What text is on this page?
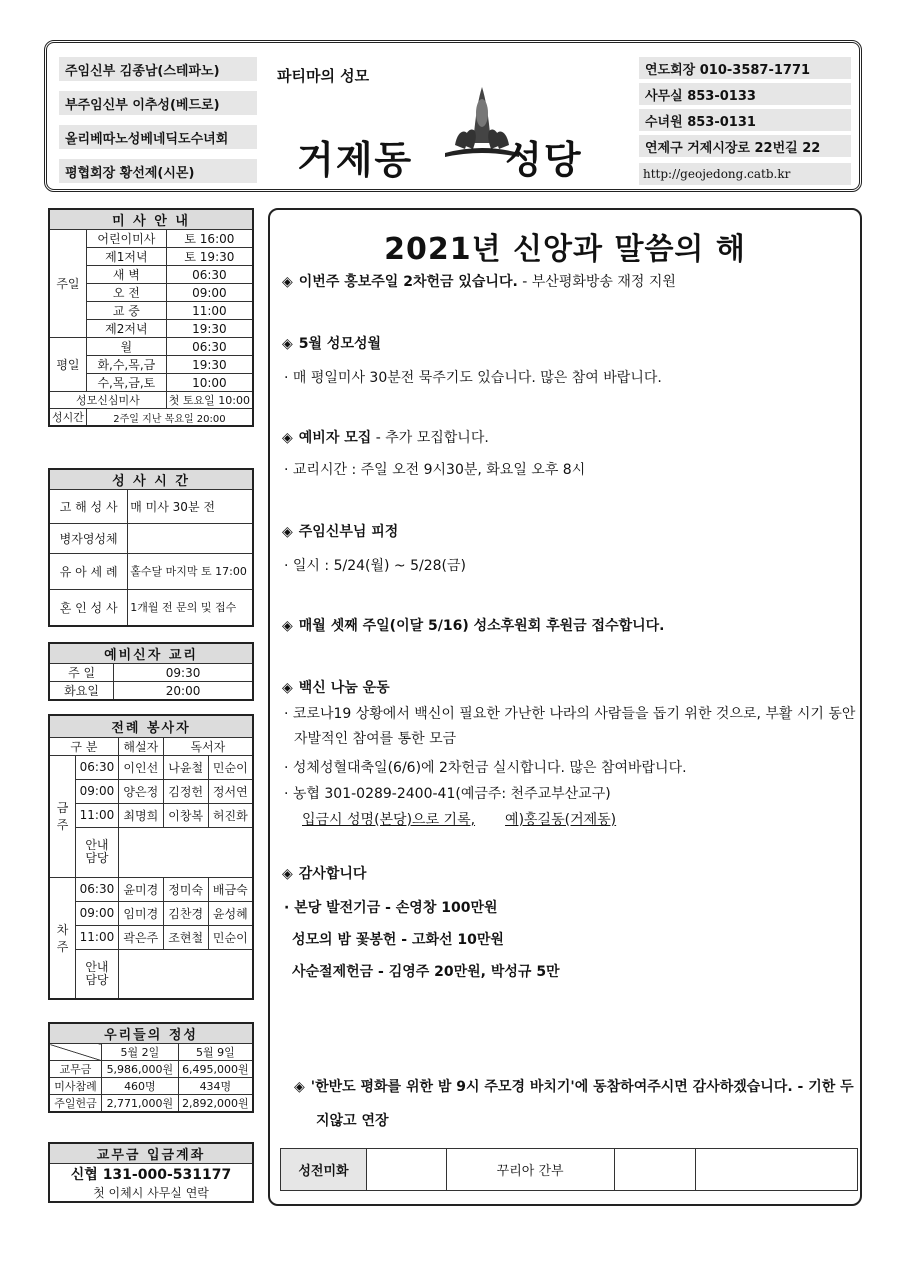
주임신부 김종남(스테파노)
부주임신부 이추성(베드로)
올리베따노성베네딕도수녀회
평협회장 황선제(시몬)
파티마의 성모
거제동 성당
연도회장 010-3587-1771
사무실 853-0133
수녀원 853-0131
연제구 거제시장로 22번길 22
http://geojedong.catb.kr
미 사 안 내		
주일	어린이미사	토 16:00
	제1저녁	토 19:30
	새 벽	06:30
	오 전	09:00
	교 중	11:00
	제2저녁	19:30
평일	월	06:30
	화,수,목,금	19:30
	수,목,금,토	10:00
성모신심미사		첫 토요일 10:00
성시간	2주일 지난 목요일 20:00	
성 사 시 간	
고 해 성 사	매 미사 30분 전
병자영성체	
유 아 세 례	홀수달 마지막 토 17:00
혼 인 성 사	1개월 전 문의 및 접수
예비신자 교리	
주 일	09:30
화요일	20:00
전례 봉사자				
구 분		해설자	독서자	
금주	06:30	이인선	나윤철	민순이
	09:00	양은정	김정헌	정서연
	11:00	최명희	이창복	허진화
	안내 담당			
차주	06:30	윤미경	정미숙	배금숙
	09:00	임미경	김찬경	윤성혜
	11:00	곽은주	조현철	민순이
	안내 담당			
우리들의 정성		
	5월 2일	5월 9일
교무금	5,986,000원	6,495,000원
미사참례	460명	434명
주일헌금	2,771,000원	2,892,000원
교무금 입금계좌
신협 131-000-531177
첫 이체시 사무실 연락
2021년 신앙과 말씀의 해
◈ 이번주 홍보주일 2차헌금 있습니다. - 부산평화방송 재정 지원
◈ 5월 성모성월
· 매 평일미사 30분전 묵주기도 있습니다. 많은 참여 바랍니다.
◈ 예비자 모집 - 추가 모집합니다.
· 교리시간 : 주일 오전 9시30분, 화요일 오후 8시
◈ 주임신부님 피정
· 일시 : 5/24(월) ~ 5/28(금)
◈ 매월 셋째 주일(이달 5/16) 성소후원회 후원금 접수합니다.
◈ 백신 나눔 운동
· 코로나19 상황에서 백신이 필요한 가난한 나라의 사람들을 돕기 위한 것으로, 부활 시기 동안 자발적인 참여를 통한 모금
· 성체성혈대축일(6/6)에 2차헌금 실시합니다. 많은 참여바랍니다.
· 농협 301-0289-2400-41(예금주: 천주교부산교구)
입금시 성명(본당)으로 기록, 예)홍길동(거제동)
◈ 감사합니다
· 본당 발전기금 - 손영창 100만원
성모의 밤 꽃봉헌 - 고화선 10만원
사순절제헌금 - 김영주 20만원, 박성규 5만
◈ '한반도 평화를 위한 밤 9시 주모경 바치기'에 동참하여주시면 감사하겠습니다. - 기한 두지않고 연장
성전미화		꾸리아 간부		
